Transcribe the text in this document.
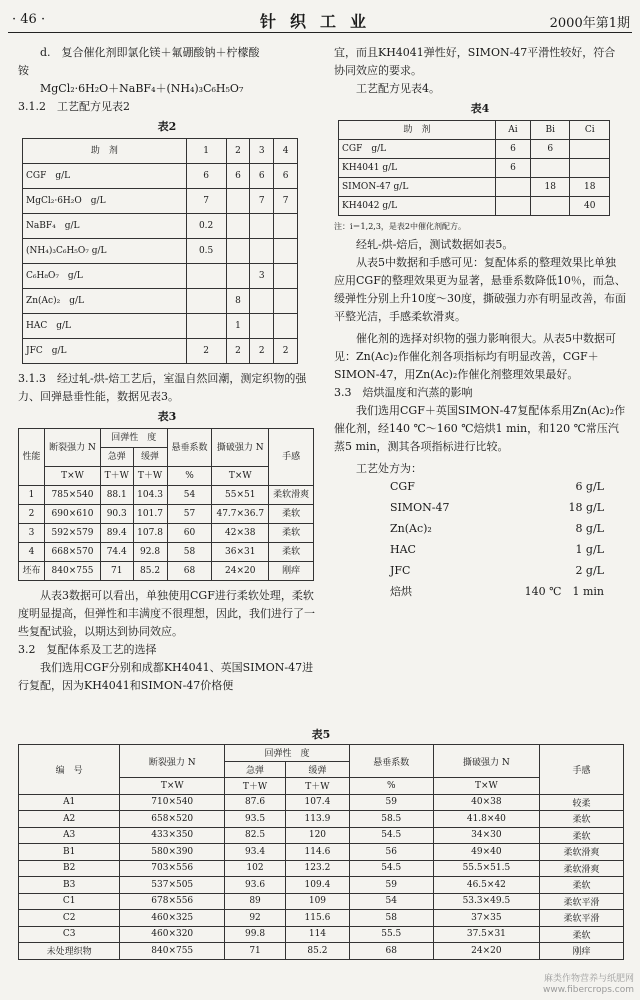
· 46 ·	针织工业	2000年第1期

d.　复合催化剂即氯化镁＋氟硼酸钠＋柠檬酸

铵

MgCl₂·6H₂O＋NaBF₄＋(NH₄)₃C₆H₅O₇

3.1.2　工艺配方见表2

表2
助　剂	1	2	3	4
CGF　g/L	6	6	6	6
MgCl₂·6H₂O　g/L	7		7	7
NaBF₄　g/L	0.2			
(NH₄)₃C₆H₅O₇ g/L	0.5			
C₆H₈O₇　g/L			3	
Zn(Ac)₂　g/L		8		
HAC　g/L		1		
JFC　g/L	2	2	2	2

3.1.3　经过轧-烘-焙工艺后，室温自然回潮，测定织物的强力、回弹悬垂性能，数据见表3。

表3
性能	断裂强力 N	回弹性　度		悬垂系数	撕破强力 N	手感
		急弹	缓弹			
	T×W	T＋W	T＋W	%	T×W	
1	785×540	88.1	104.3	54	55×51	柔软滑爽
2	690×610	90.3	101.7	57	47.7×36.7	柔软
3	592×579	89.4	107.8	60	42×38	柔软
4	668×570	74.4	92.8	58	36×31	柔软
坯布	840×755	71	85.2	68	24×20	刚痒

从表3数据可以看出，单独使用CGF进行柔软处理，柔软度明显提高，但弹性和丰满度不很理想，因此，我们进行了一些复配试验，以期达到协同效应。

3.2　复配体系及工艺的选择

我们选用CGF分别和成都KH4041、英国SIMON-47进行复配，因为KH4041和SIMON-47价格便

宜，而且KH4041弹性好，SIMON-47平滑性较好，符合协同效应的要求。

工艺配方见表4。

表4
助　剂	Ai	Bi	Ci
CGF　g/L	6	6	
KH4041 g/L	6		
SIMON-47 g/L		18	18
KH4042 g/L			40
注：i＝1,2,3，是表2中催化剂配方。

经轧-烘-焙后，测试数据如表5。

从表5中数据和手感可见：复配体系的整理效果比单独应用CGF的整理效果更为显著，悬垂系数降低10％，而急、缓弹性分别上升10度～30度，撕破强力亦有明显改善，布面平整光洁，手感柔软滑爽。

催化剂的选择对织物的强力影响很大。从表5中数据可见：Zn(Ac)₂作催化剂各项指标均有明显改善，CGF＋SIMON-47，用Zn(Ac)₂作催化剂整理效果最好。

3.3　焙烘温度和汽蒸的影响

我们选用CGF＋英国SIMON-47复配体系用Zn(Ac)₂作催化剂，经140 ℃～160 ℃焙烘1 min，和120 ℃常压汽蒸5 min，测其各项指标进行比较。

工艺处方为：

CGF	6 g/L
SIMON-47	18 g/L
Zn(Ac)₂	8 g/L
HAC	1 g/L
JFC	2 g/L
焙烘	140 ℃　1 min
表5
编　号	断裂强力 N	回弹性　度		悬垂系数	撕破强力 N	手感
		急弹	缓弹			
	T×W	T＋W	T＋W	%	T×W	
A1	710×540	87.6	107.4	59	40×38	较柔
A2	658×520	93.5	113.9	58.5	41.8×40	柔软
A3	433×350	82.5	120	54.5	34×30	柔软
B1	580×390	93.4	114.6	56	49×40	柔软滑爽
B2	703×556	102	123.2	54.5	55.5×51.5	柔软滑爽
B3	537×505	93.6	109.4	59	46.5×42	柔软
C1	678×556	89	109	54	53.3×49.5	柔软平滑
C2	460×325	92	115.6	58	37×35	柔软平滑
C3	460×320	99.8	114	55.5	37.5×31	柔软
未处理织物	840×755	71	85.2	68	24×20	刚痒
麻类作物营养与纸肥网
www.fibercrops.com
